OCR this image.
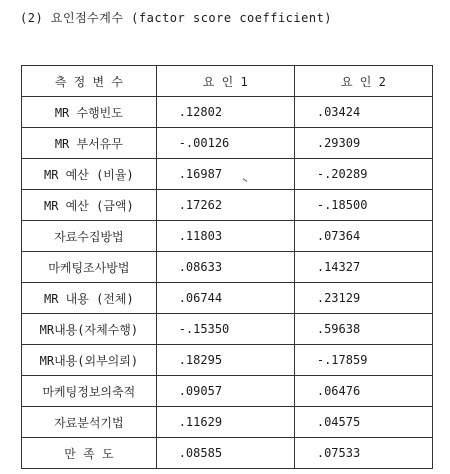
(2) 요인점수계수 (factor score coefficient)
측 정 변 수	요 인 1	요 인 2
MR 수행빈도	.12802	.03424
MR 부서유무	-.00126	.29309
MR 예산 (비율)	.16987	-.20289
MR 예산 (금액)	.17262	-.18500
자료수집방법	.11803	.07364
마케팅조사방법	.08633	.14327
MR 내용 (전체)	.06744	.23129
MR내용(자체수행)	-.15350	.59638
MR내용(외부의뢰)	.18295	-.17859
마케팅정보의축적	.09057	.06476
자료분석기법	.11629	.04575
만 족 도	.08585	.07533
